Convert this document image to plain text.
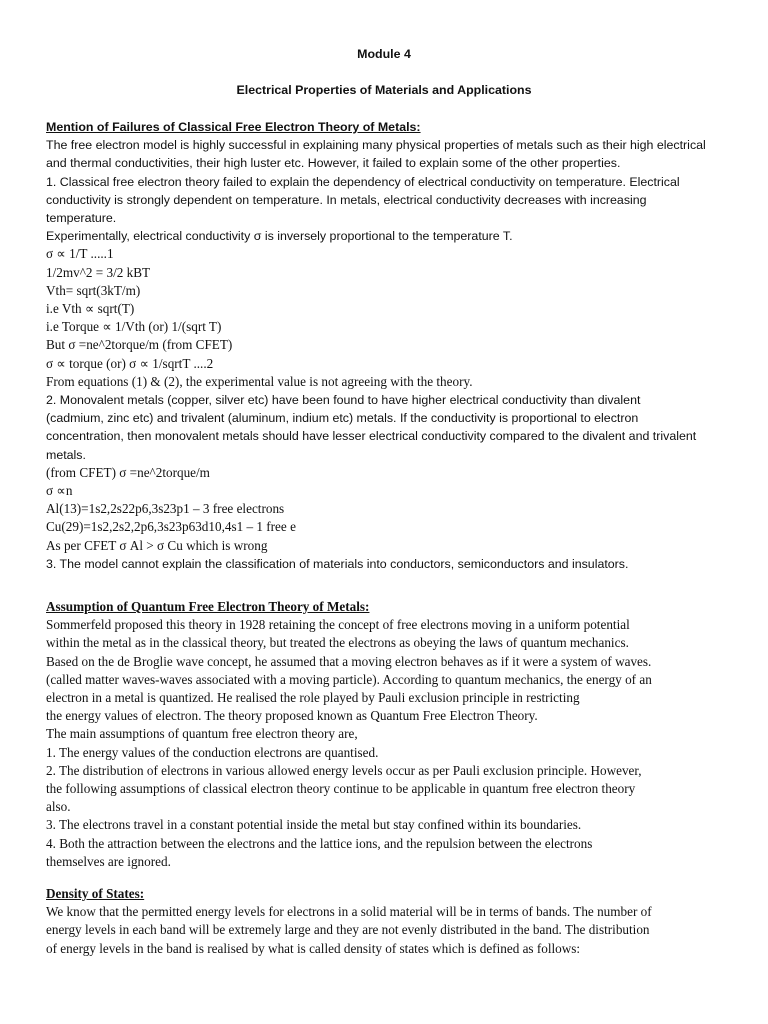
Module 4
Electrical Properties of Materials and Applications
Mention of Failures of Classical Free Electron Theory of Metals:
The free electron model is highly successful in explaining many physical properties of metals such as their high electrical
and thermal conductivities, their high luster etc. However, it failed to explain some of the other properties.
1. Classical free electron theory failed to explain the dependency of electrical conductivity on temperature. Electrical
conductivity is strongly dependent on temperature. In metals, electrical conductivity decreases with increasing
temperature.
Experimentally, electrical conductivity σ is inversely proportional to the temperature T.
σ ∝ 1/T .....1
1/2mv^2 = 3/2 kBT
Vth= sqrt(3kT/m)
i.e Vth ∝ sqrt(T)
i.e Torque ∝ 1/Vth (or) 1/(sqrt T)
But σ =ne^2torque/m (from CFET)
σ ∝ torque (or) σ ∝ 1/sqrtT ....2
From equations (1) & (2), the experimental value is not agreeing with the theory.
2. Monovalent metals (copper, silver etc) have been found to have higher electrical conductivity than divalent
(cadmium, zinc etc) and trivalent (aluminum, indium etc) metals. If the conductivity is proportional to electron
concentration, then monovalent metals should have lesser electrical conductivity compared to the divalent and trivalent
metals.
(from CFET) σ =ne^2torque/m
σ ∝n
Al(13)=1s2,2s22p6,3s23p1 – 3 free electrons
Cu(29)=1s2,2s2,2p6,3s23p63d10,4s1 – 1 free e
As per CFET σ Al > σ Cu which is wrong
3. The model cannot explain the classification of materials into conductors, semiconductors and insulators.
Assumption of Quantum Free Electron Theory of Metals:
Sommerfeld proposed this theory in 1928 retaining the concept of free electrons moving in a uniform potential
within the metal as in the classical theory, but treated the electrons as obeying the laws of quantum mechanics.
Based on the de Broglie wave concept, he assumed that a moving electron behaves as if it were a system of waves.
(called matter waves-waves associated with a moving particle). According to quantum mechanics, the energy of an
electron in a metal is quantized. He realised the role played by Pauli exclusion principle in restricting
the energy values of electron. The theory proposed known as Quantum Free Electron Theory.
The main assumptions of quantum free electron theory are,
1. The energy values of the conduction electrons are quantised.
2. The distribution of electrons in various allowed energy levels occur as per Pauli exclusion principle. However,
the following assumptions of classical electron theory continue to be applicable in quantum free electron theory
also.
3. The electrons travel in a constant potential inside the metal but stay confined within its boundaries.
4. Both the attraction between the electrons and the lattice ions, and the repulsion between the electrons
themselves are ignored.
Density of States:
We know that the permitted energy levels for electrons in a solid material will be in terms of bands. The number of
energy levels in each band will be extremely large and they are not evenly distributed in the band. The distribution
of energy levels in the band is realised by what is called density of states which is defined as follows:
